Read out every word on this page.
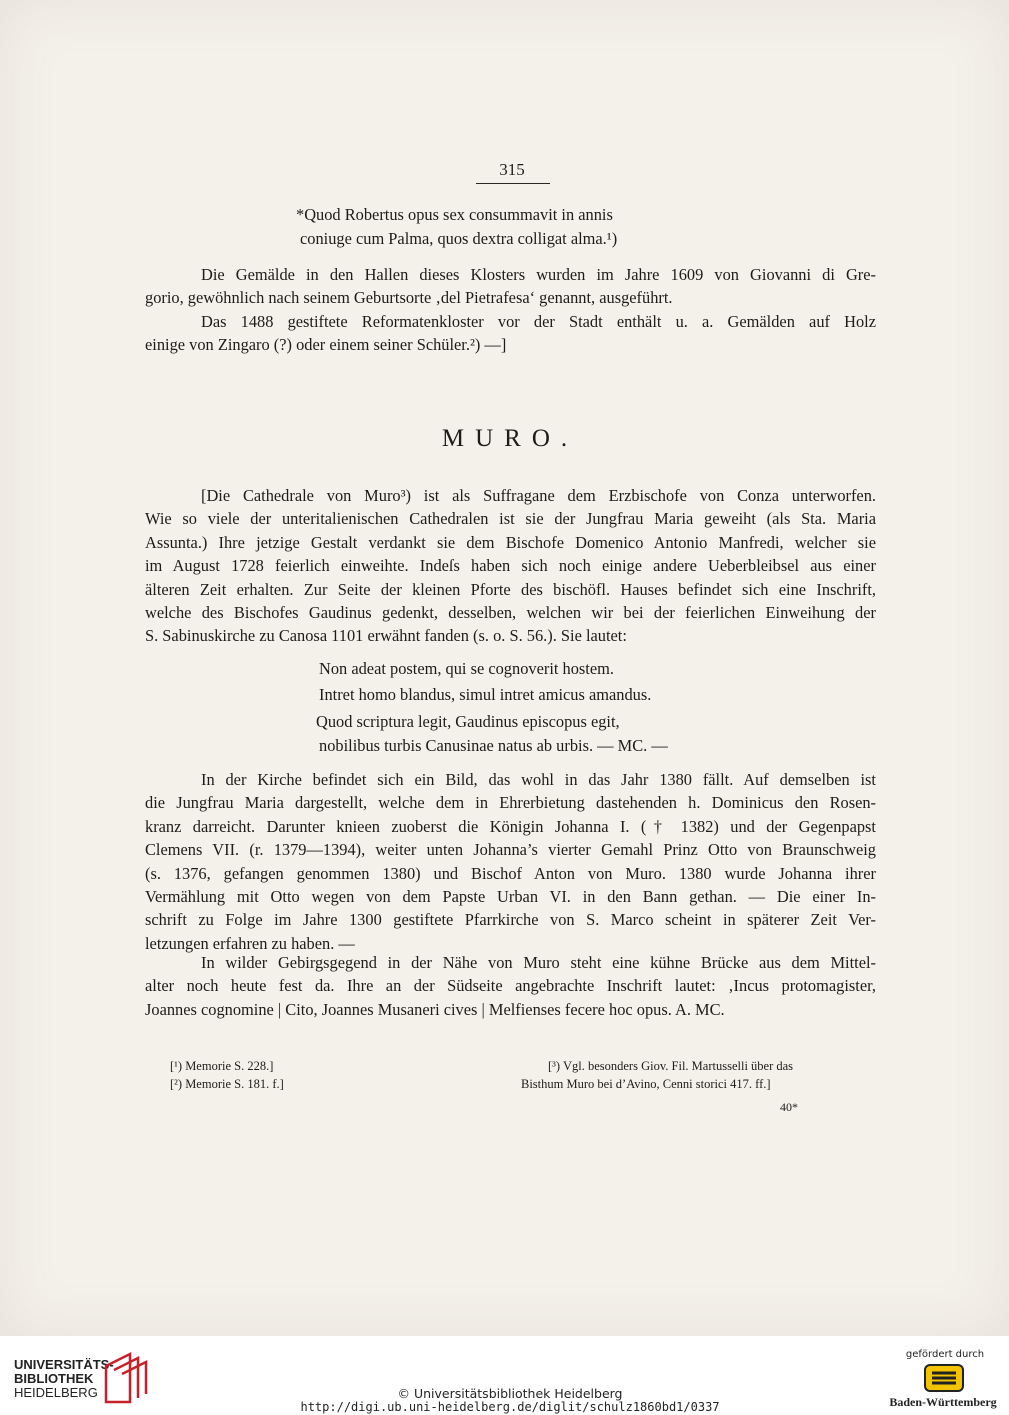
315
*Quod Robertus opus sex consummavit in annis
coniuge cum Palma, quos dextra colligat alma.¹)
Die Gemälde in den Hallen dieses Klosters wurden im Jahre 1609 von Giovanni di Gre-
gorio, gewöhnlich nach seinem Geburtsorte ‚del Pietrafesa‘ genannt, ausgeführt.
Das 1488 gestiftete Reformatenkloster vor der Stadt enthält u. a. Gemälden auf Holz
einige von Zingaro (?) oder einem seiner Schüler.²) —]
MURO.
[Die Cathedrale von Muro³) ist als Suffragane dem Erzbischofe von Conza unterworfen.
Wie so viele der unteritalienischen Cathedralen ist sie der Jungfrau Maria geweiht (als Sta. Maria
Assunta.) Ihre jetzige Gestalt verdankt sie dem Bischofe Domenico Antonio Manfredi, welcher sie
im August 1728 feierlich einweihte. Indeſs haben sich noch einige andere Ueberbleibsel aus einer
älteren Zeit erhalten. Zur Seite der kleinen Pforte des bischöfl. Hauses befindet sich eine Inschrift,
welche des Bischofes Gaudinus gedenkt, desselben, welchen wir bei der feierlichen Einweihung der
S. Sabinuskirche zu Canosa 1101 erwähnt fanden (s. o. S. 56.). Sie lautet:
Non adeat postem, qui se cognoverit hostem.
Intret homo blandus, simul intret amicus amandus.
Quod scriptura legit, Gaudinus episcopus egit,
nobilibus turbis Canusinae natus ab urbis. — MC. —
In der Kirche befindet sich ein Bild, das wohl in das Jahr 1380 fällt. Auf demselben ist
die Jungfrau Maria dargestellt, welche dem in Ehrerbietung dastehenden h. Dominicus den Rosen-
kranz darreicht. Darunter knieen zuoberst die Königin Johanna I. († 1382) und der Gegenpapst
Clemens VII. (r. 1379—1394), weiter unten Johanna’s vierter Gemahl Prinz Otto von Braunschweig
(s. 1376, gefangen genommen 1380) und Bischof Anton von Muro. 1380 wurde Johanna ihrer
Vermählung mit Otto wegen von dem Papste Urban VI. in den Bann gethan. — Die einer In-
schrift zu Folge im Jahre 1300 gestiftete Pfarrkirche von S. Marco scheint in späterer Zeit Ver-
letzungen erfahren zu haben. —
In wilder Gebirgsgegend in der Nähe von Muro steht eine kühne Brücke aus dem Mittel-
alter noch heute fest da. Ihre an der Südseite angebrachte Inschrift lautet: ‚Incus protomagister,
Joannes cognomine | Cito, Joannes Musaneri cives | Melfienses fecere hoc opus. A. MC.
[¹) Memorie S. 228.]
[²) Memorie S. 181. f.]
[³) Vgl. besonders Giov. Fil. Martusselli über das
Bisthum Muro bei d’Avino, Cenni storici 417. ff.]
40*
UNIVERSITÄTS-
BIBLIOTHEK
HEIDELBERG	© Universitätsbibliothek Heidelberg
http://digi.ub.uni-heidelberg.de/diglit/schulz1860bd1/0337
gefördert durch
Baden-Württemberg
